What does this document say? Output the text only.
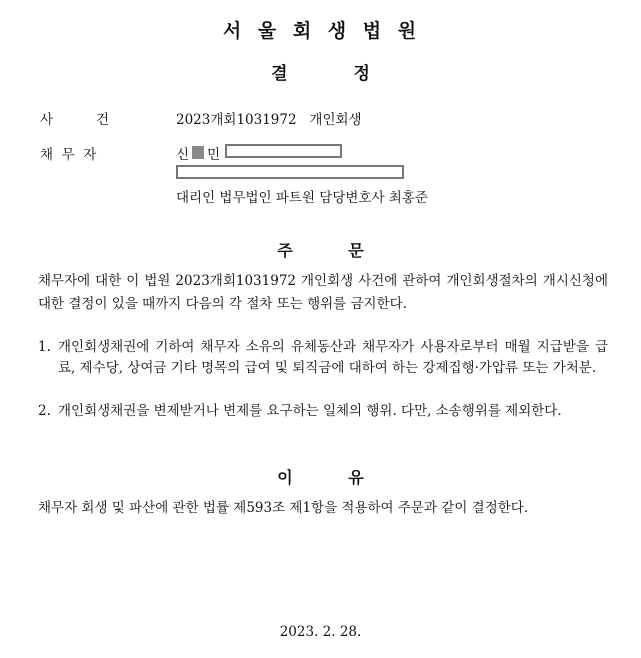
서 울 회 생 법 원
결 정
사          건	2023개회1031972   개인회생
채  무  자	신 민
대리인 법무법인 파트원 담당변호사 최홍준
주 문
채무자에 대한 이 법원 2023개회1031972 개인회생 사건에 관하여 개인회생절차의 개시신청에 대한 결정이 있을 때까지 다음의 각 절차 또는 행위를 금지한다.
1. 개인회생채권에 기하여 채무자 소유의 유체동산과 채무자가 사용자로부터 매월 지급받을 급료, 제수당, 상여금 기타 명목의 급여 및 퇴직금에 대하여 하는 강제집행·가압류 또는 가처분.
2. 개인회생채권을 변제받거나 변제를 요구하는 일체의 행위. 다만, 소송행위를 제외한다.
이 유
채무자 회생 및 파산에 관한 법률 제593조 제1항을 적용하여 주문과 같이 결정한다.
2023. 2. 28.
